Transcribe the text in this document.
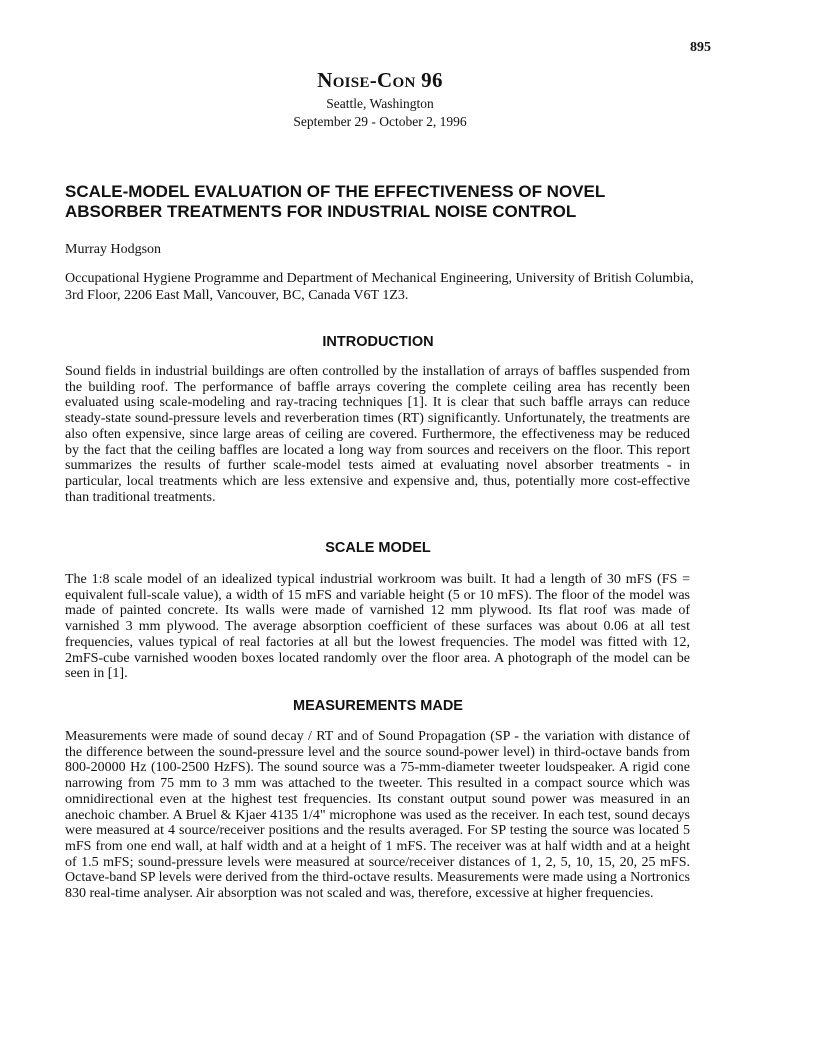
895
Noise-Con 96
Seattle, Washington
September 29 - October 2, 1996
SCALE-MODEL EVALUATION OF THE EFFECTIVENESS OF NOVEL ABSORBER TREATMENTS FOR INDUSTRIAL NOISE CONTROL
Murray Hodgson
Occupational Hygiene Programme and Department of Mechanical Engineering, University of British Columbia, 3rd Floor, 2206 East Mall, Vancouver, BC, Canada V6T 1Z3.
INTRODUCTION
Sound fields in industrial buildings are often controlled by the installation of arrays of baffles suspended from the building roof. The performance of baffle arrays covering the complete ceiling area has recently been evaluated using scale-modeling and ray-tracing techniques [1]. It is clear that such baffle arrays can reduce steady-state sound-pressure levels and reverberation times (RT) significantly. Unfortunately, the treatments are also often expensive, since large areas of ceiling are covered. Furthermore, the effectiveness may be reduced by the fact that the ceiling baffles are located a long way from sources and receivers on the floor. This report summarizes the results of further scale-model tests aimed at evaluating novel absorber treatments - in particular, local treatments which are less extensive and expensive and, thus, potentially more cost-effective than traditional treatments.
SCALE MODEL
The 1:8 scale model of an idealized typical industrial workroom was built. It had a length of 30 mFS (FS = equivalent full-scale value), a width of 15 mFS and variable height (5 or 10 mFS). The floor of the model was made of painted concrete. Its walls were made of varnished 12 mm plywood. Its flat roof was made of varnished 3 mm plywood. The average absorption coefficient of these surfaces was about 0.06 at all test frequencies, values typical of real factories at all but the lowest frequencies. The model was fitted with 12, 2mFS-cube varnished wooden boxes located randomly over the floor area. A photograph of the model can be seen in [1].
MEASUREMENTS MADE
Measurements were made of sound decay / RT and of Sound Propagation (SP - the variation with distance of the difference between the sound-pressure level and the source sound-power level) in third-octave bands from 800-20000 Hz (100-2500 HzFS). The sound source was a 75-mm-diameter tweeter loudspeaker. A rigid cone narrowing from 75 mm to 3 mm was attached to the tweeter. This resulted in a compact source which was omnidirectional even at the highest test frequencies. Its constant output sound power was measured in an anechoic chamber. A Bruel & Kjaer 4135 1/4" microphone was used as the receiver. In each test, sound decays were measured at 4 source/receiver positions and the results averaged. For SP testing the source was located 5 mFS from one end wall, at half width and at a height of 1 mFS. The receiver was at half width and at a height of 1.5 mFS; sound-pressure levels were measured at source/receiver distances of 1, 2, 5, 10, 15, 20, 25 mFS. Octave-band SP levels were derived from the third-octave results. Measurements were made using a Nortronics 830 real-time analyser. Air absorption was not scaled and was, therefore, excessive at higher frequencies.
